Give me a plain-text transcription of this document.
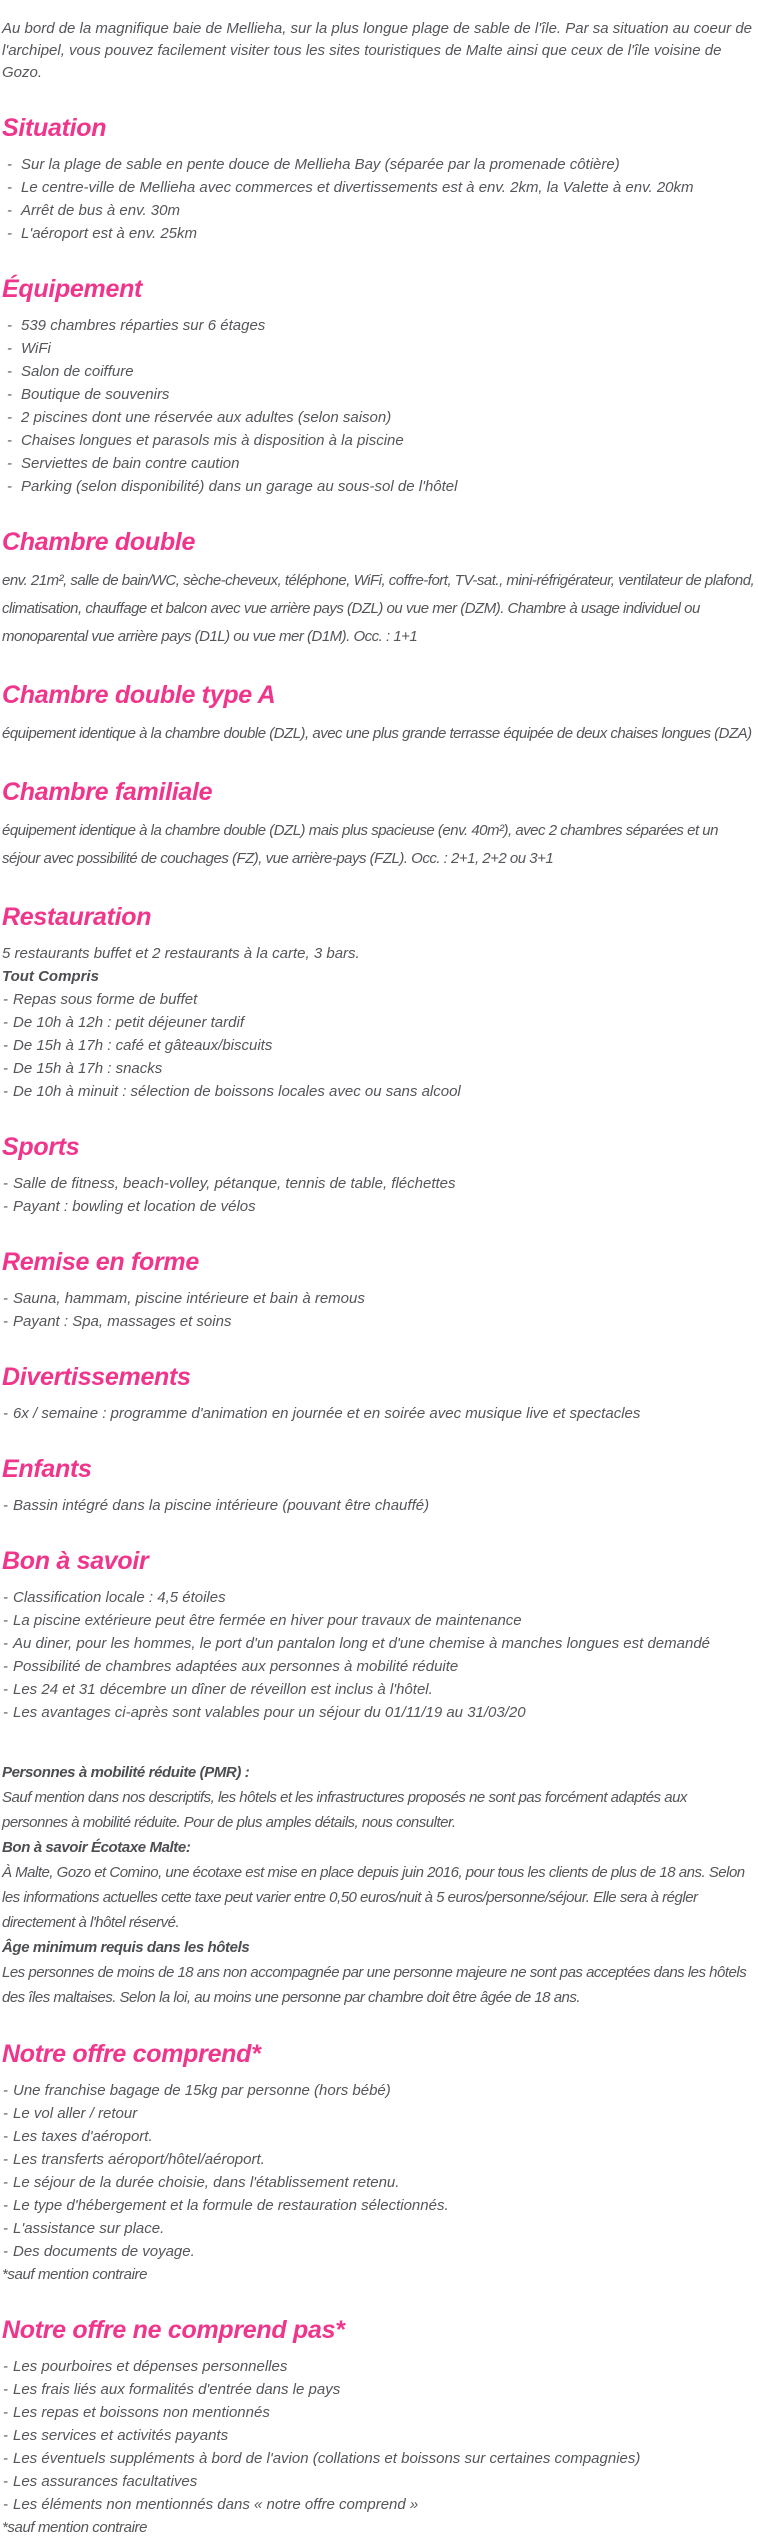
Au bord de la magnifique baie de Mellieha, sur la plus longue plage de sable de l'île. Par sa situation au coeur de l'archipel, vous pouvez facilement visiter tous les sites touristiques de Malte ainsi que ceux de l'île voisine de Gozo.

Situation
- Sur la plage de sable en pente douce de Mellieha Bay (séparée par la promenade côtière)
- Le centre-ville de Mellieha avec commerces et divertissements est à env. 2km, la Valette à env. 20km
- Arrêt de bus à env. 30m
- L'aéroport est à env. 25km
Équipement
- 539 chambres réparties sur 6 étages
- WiFi
- Salon de coiffure
- Boutique de souvenirs
- 2 piscines dont une réservée aux adultes (selon saison)
- Chaises longues et parasols mis à disposition à la piscine
- Serviettes de bain contre caution
- Parking (selon disponibilité) dans un garage au sous-sol de l'hôtel
Chambre double

env. 21m², salle de bain/WC, sèche-cheveux, téléphone, WiFi, coffre-fort, TV-sat., mini-réfrigérateur, ventilateur de plafond, climatisation, chauffage et balcon avec vue arrière pays (DZL) ou vue mer (DZM). Chambre à usage individuel ou monoparental vue arrière pays (D1L) ou vue mer (D1M). Occ. : 1+1

Chambre double type A

équipement identique à la chambre double (DZL), avec une plus grande terrasse équipée de deux chaises longues (DZA)

Chambre familiale

équipement identique à la chambre double (DZL) mais plus spacieuse (env. 40m²), avec 2 chambres séparées et un séjour avec possibilité de couchages (FZ), vue arrière-pays (FZL). Occ. : 2+1, 2+2 ou 3+1

Restauration

5 restaurants buffet et 2 restaurants à la carte, 3 bars.

Tout Compris

- Repas sous forme de buffet
- De 10h à 12h : petit déjeuner tardif
- De 15h à 17h : café et gâteaux/biscuits
- De 15h à 17h : snacks
- De 10h à minuit : sélection de boissons locales avec ou sans alcool
Sports
- Salle de fitness, beach-volley, pétanque, tennis de table, fléchettes
- Payant : bowling et location de vélos
Remise en forme
- Sauna, hammam, piscine intérieure et bain à remous
- Payant : Spa, massages et soins
Divertissements
- 6x / semaine : programme d'animation en journée et en soirée avec musique live et spectacles
Enfants
- Bassin intégré dans la piscine intérieure (pouvant être chauffé)
Bon à savoir
- Classification locale : 4,5 étoiles
- La piscine extérieure peut être fermée en hiver pour travaux de maintenance
- Au diner, pour les hommes, le port d'un pantalon long et d'une chemise à manches longues est demandé
- Possibilité de chambres adaptées aux personnes à mobilité réduite
- Les 24 et 31 décembre un dîner de réveillon est inclus à l'hôtel.
- Les avantages ci-après sont valables pour un séjour du 01/11/19 au 31/03/20

Personnes à mobilité réduite (PMR) :

Sauf mention dans nos descriptifs, les hôtels et les infrastructures proposés ne sont pas forcément adaptés aux personnes à mobilité réduite. Pour de plus amples détails, nous consulter.

Bon à savoir Écotaxe Malte:

À Malte, Gozo et Comino, une écotaxe est mise en place depuis juin 2016, pour tous les clients de plus de 18 ans. Selon les informations actuelles cette taxe peut varier entre 0,50 euros/nuit à 5 euros/personne/séjour. Elle sera à régler directement à l'hôtel réservé.

Âge minimum requis dans les hôtels

Les personnes de moins de 18 ans non accompagnée par une personne majeure ne sont pas acceptées dans les hôtels des îles maltaises. Selon la loi, au moins une personne par chambre doit être âgée de 18 ans.

Notre offre comprend*
- Une franchise bagage de 15kg par personne (hors bébé)
- Le vol aller / retour
- Les taxes d'aéroport.
- Les transferts aéroport/hôtel/aéroport.
- Le séjour de la durée choisie, dans l'établissement retenu.
- Le type d'hébergement et la formule de restauration sélectionnés.
- L'assistance sur place.
- Des documents de voyage.

*sauf mention contraire

Notre offre ne comprend pas*
- Les pourboires et dépenses personnelles
- Les frais liés aux formalités d'entrée dans le pays
- Les repas et boissons non mentionnés
- Les services et activités payants
- Les éventuels suppléments à bord de l'avion (collations et boissons sur certaines compagnies)
- Les assurances facultatives
- Les éléments non mentionnés dans « notre offre comprend »

*sauf mention contraire
